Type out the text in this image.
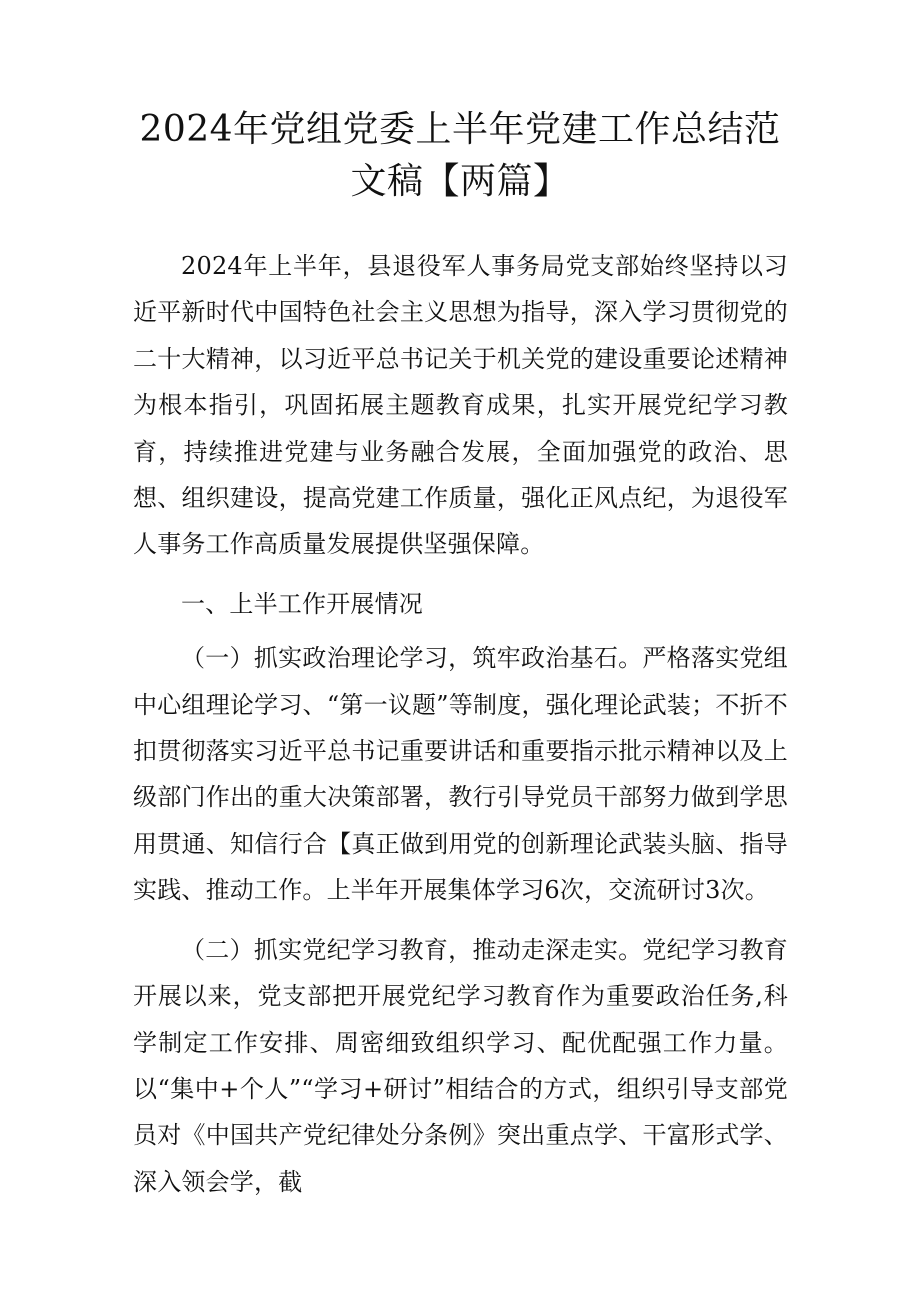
2024年党组党委上半年党建工作总结范文稿【两篇】

2024年上半年，县退役军人事务局党支部始终坚持以习近平新时代中国特色社会主义思想为指导，深入学习贯彻党的二十大精神，以习近平总书记关于机关党的建设重要论述精神为根本指引，巩固拓展主题教育成果，扎实开展党纪学习教育，持续推进党建与业务融合发展，全面加强党的政治、思想、组织建设，提高党建工作质量，强化正风点纪，为退役军人事务工作高质量发展提供坚强保障。

一、上半工作开展情况

（一）抓实政治理论学习，筑牢政治基石。严格落实党组中心组理论学习、“第一议题”等制度，强化理论武装；不折不扣贯彻落实习近平总书记重要讲话和重要指示批示精神以及上级部门作出的重大决策部署，教行引导党员干部努力做到学思用贯通、知信行合【真正做到用党的创新理论武装头脑、指导实践、推动工作。上半年开展集体学习6次，交流研讨3次。

（二）抓实党纪学习教育，推动走深走实。党纪学习教育开展以来，党支部把开展党纪学习教育作为重要政治任务,科学制定工作安排、周密细致组织学习、配优配强工作力量。以“集中+个人”“学习+研讨”相结合的方式，组织引导支部党员对《中国共产党纪律处分条例》突出重点学、干富形式学、深入领会学，截
